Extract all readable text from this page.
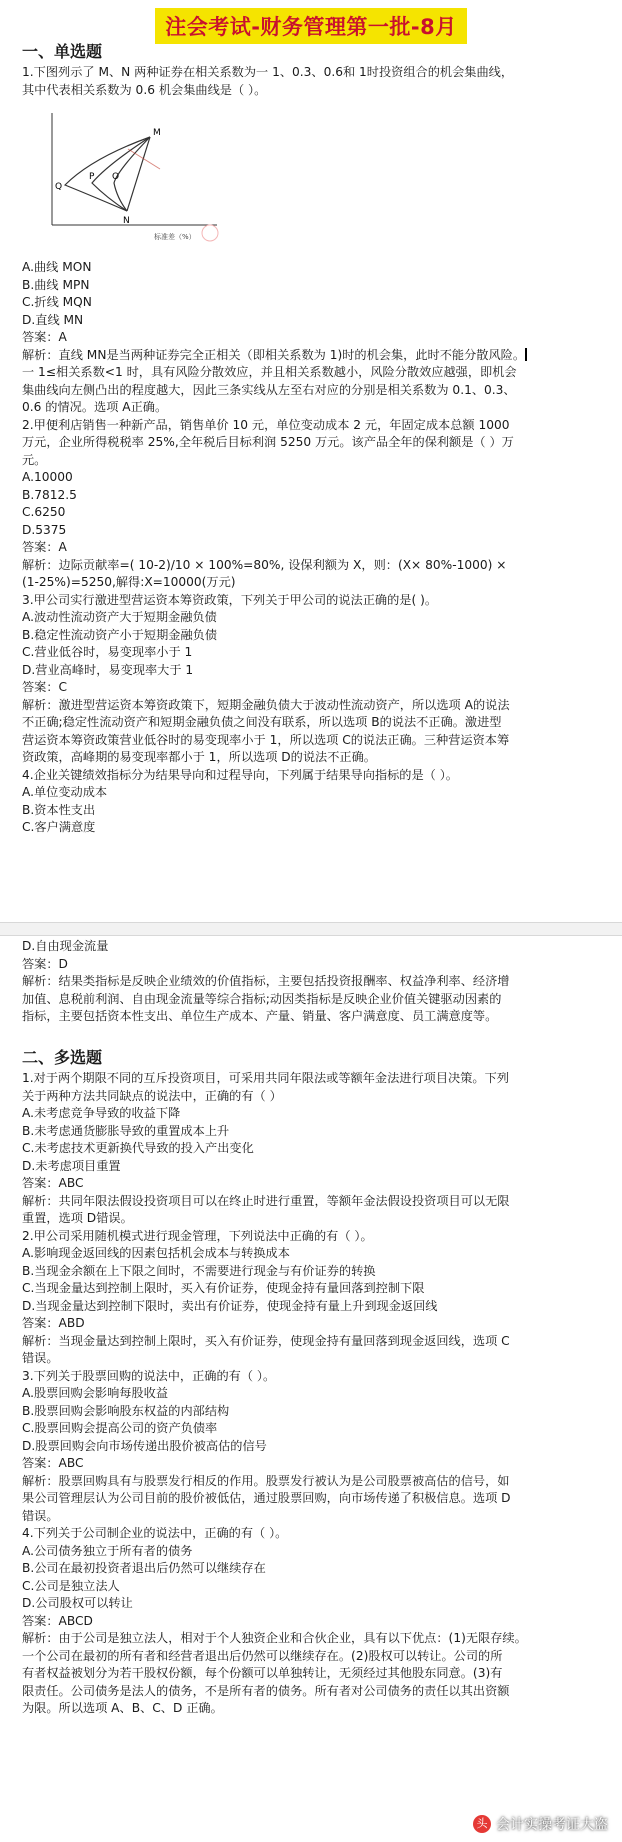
注会考试-财务管理第一批-8月
一、单选题
1.下图列示了 M、N 两种证券在相关系数为一 1、0.3、0.6和 1时投资组合的机会集曲线，
其中代表相关系数为 0.6 机会集曲线是（ ）。
M
N
Q
P O
标准差（%）
A.曲线 MON
B.曲线 MPN
C.折线 MQN
D.直线 MN
答案：A
解析：直线 MN是当两种证券完全正相关（即相关系数为 1)时的机会集，此时不能分散风险。
一 1≤相关系数<1 时，具有风险分散效应，并且相关系数越小，风险分散效应越强，即机会
集曲线向左侧凸出的程度越大，因此三条实线从左至右对应的分别是相关系数为 0.1、0.3、
0.6 的情况。选项 A正确。
2.甲便利店销售一种新产品，销售单价 10 元，单位变动成本 2 元，年固定成本总额 1000
万元，企业所得税税率 25%,全年税后目标利润 5250 万元。该产品全年的保利额是（ ）万
元。
A.10000
B.7812.5
C.6250
D.5375
答案：A
解析：边际贡献率=( 10-2)/10 × 100%=80%, 设保利额为 X，则：(X× 80%-1000) ×
(1-25%)=5250,解得:X=10000(万元)
3.甲公司实行激进型营运资本筹资政策，下列关于甲公司的说法正确的是( )。
A.波动性流动资产大于短期金融负债
B.稳定性流动资产小于短期金融负债
C.营业低谷时，易变现率小于 1
D.营业高峰时，易变现率大于 1
答案：C
解析：激进型营运资本筹资政策下，短期金融负债大于波动性流动资产，所以选项 A的说法
不正确;稳定性流动资产和短期金融负债之间没有联系，所以选项 B的说法不正确。激进型
营运资本筹资政策营业低谷时的易变现率小于 1，所以选项 C的说法正确。三种营运资本筹
资政策，高峰期的易变现率都小于 1，所以选项 D的说法不正确。
4.企业关键绩效指标分为结果导向和过程导向，下列属于结果导向指标的是（ ）。
A.单位变动成本
B.资本性支出
C.客户满意度
D.自由现金流量
答案：D
解析：结果类指标是反映企业绩效的价值指标，主要包括投资报酬率、权益净利率、经济增
加值、息税前利润、自由现金流量等综合指标;动因类指标是反映企业价值关键驱动因素的
指标，主要包括资本性支出、单位生产成本、产量、销量、客户满意度、员工满意度等。
二、多选题
1.对于两个期限不同的互斥投资项目，可采用共同年限法或等额年金法进行项目决策。下列
关于两种方法共同缺点的说法中，正确的有（ ）
A.未考虑竞争导致的收益下降
B.未考虑通货膨胀导致的重置成本上升
C.未考虑技术更新换代导致的投入产出变化
D.未考虑项目重置
答案：ABC
解析：共同年限法假设投资项目可以在终止时进行重置，等额年金法假设投资项目可以无限
重置，选项 D错误。
2.甲公司采用随机模式进行现金管理，下列说法中正确的有（ ）。
A.影响现金返回线的因素包括机会成本与转换成本
B.当现金余额在上下限之间时，不需要进行现金与有价证券的转换
C.当现金量达到控制上限时，买入有价证券，使现金持有量回落到控制下限
D.当现金量达到控制下限时，卖出有价证券，使现金持有量上升到现金返回线
答案：ABD
解析：当现金量达到控制上限时，买入有价证券，使现金持有量回落到现金返回线，选项 C
错误。
3.下列关于股票回购的说法中，正确的有（ ）。
A.股票回购会影响每股收益
B.股票回购会影响股东权益的内部结构
C.股票回购会提高公司的资产负债率
D.股票回购会向市场传递出股价被高估的信号
答案：ABC
解析：股票回购具有与股票发行相反的作用。股票发行被认为是公司股票被高估的信号，如
果公司管理层认为公司目前的股价被低估，通过股票回购，向市场传递了积极信息。选项 D
错误。
4.下列关于公司制企业的说法中，正确的有（ ）。
A.公司债务独立于所有者的债务
B.公司在最初投资者退出后仍然可以继续存在
C.公司是独立法人
D.公司股权可以转让
答案：ABCD
解析：由于公司是独立法人，相对于个人独资企业和合伙企业，具有以下优点：(1)无限存续。
一个公司在最初的所有者和经营者退出后仍然可以继续存在。(2)股权可以转让。公司的所
有者权益被划分为若干股权份额，每个份额可以单独转让，无须经过其他股东同意。(3)有
限责任。公司债务是法人的债务，不是所有者的债务。所有者对公司债务的责任以其出资额
为限。所以选项 A、B、C、D 正确。
头 会计实操考证大盗
